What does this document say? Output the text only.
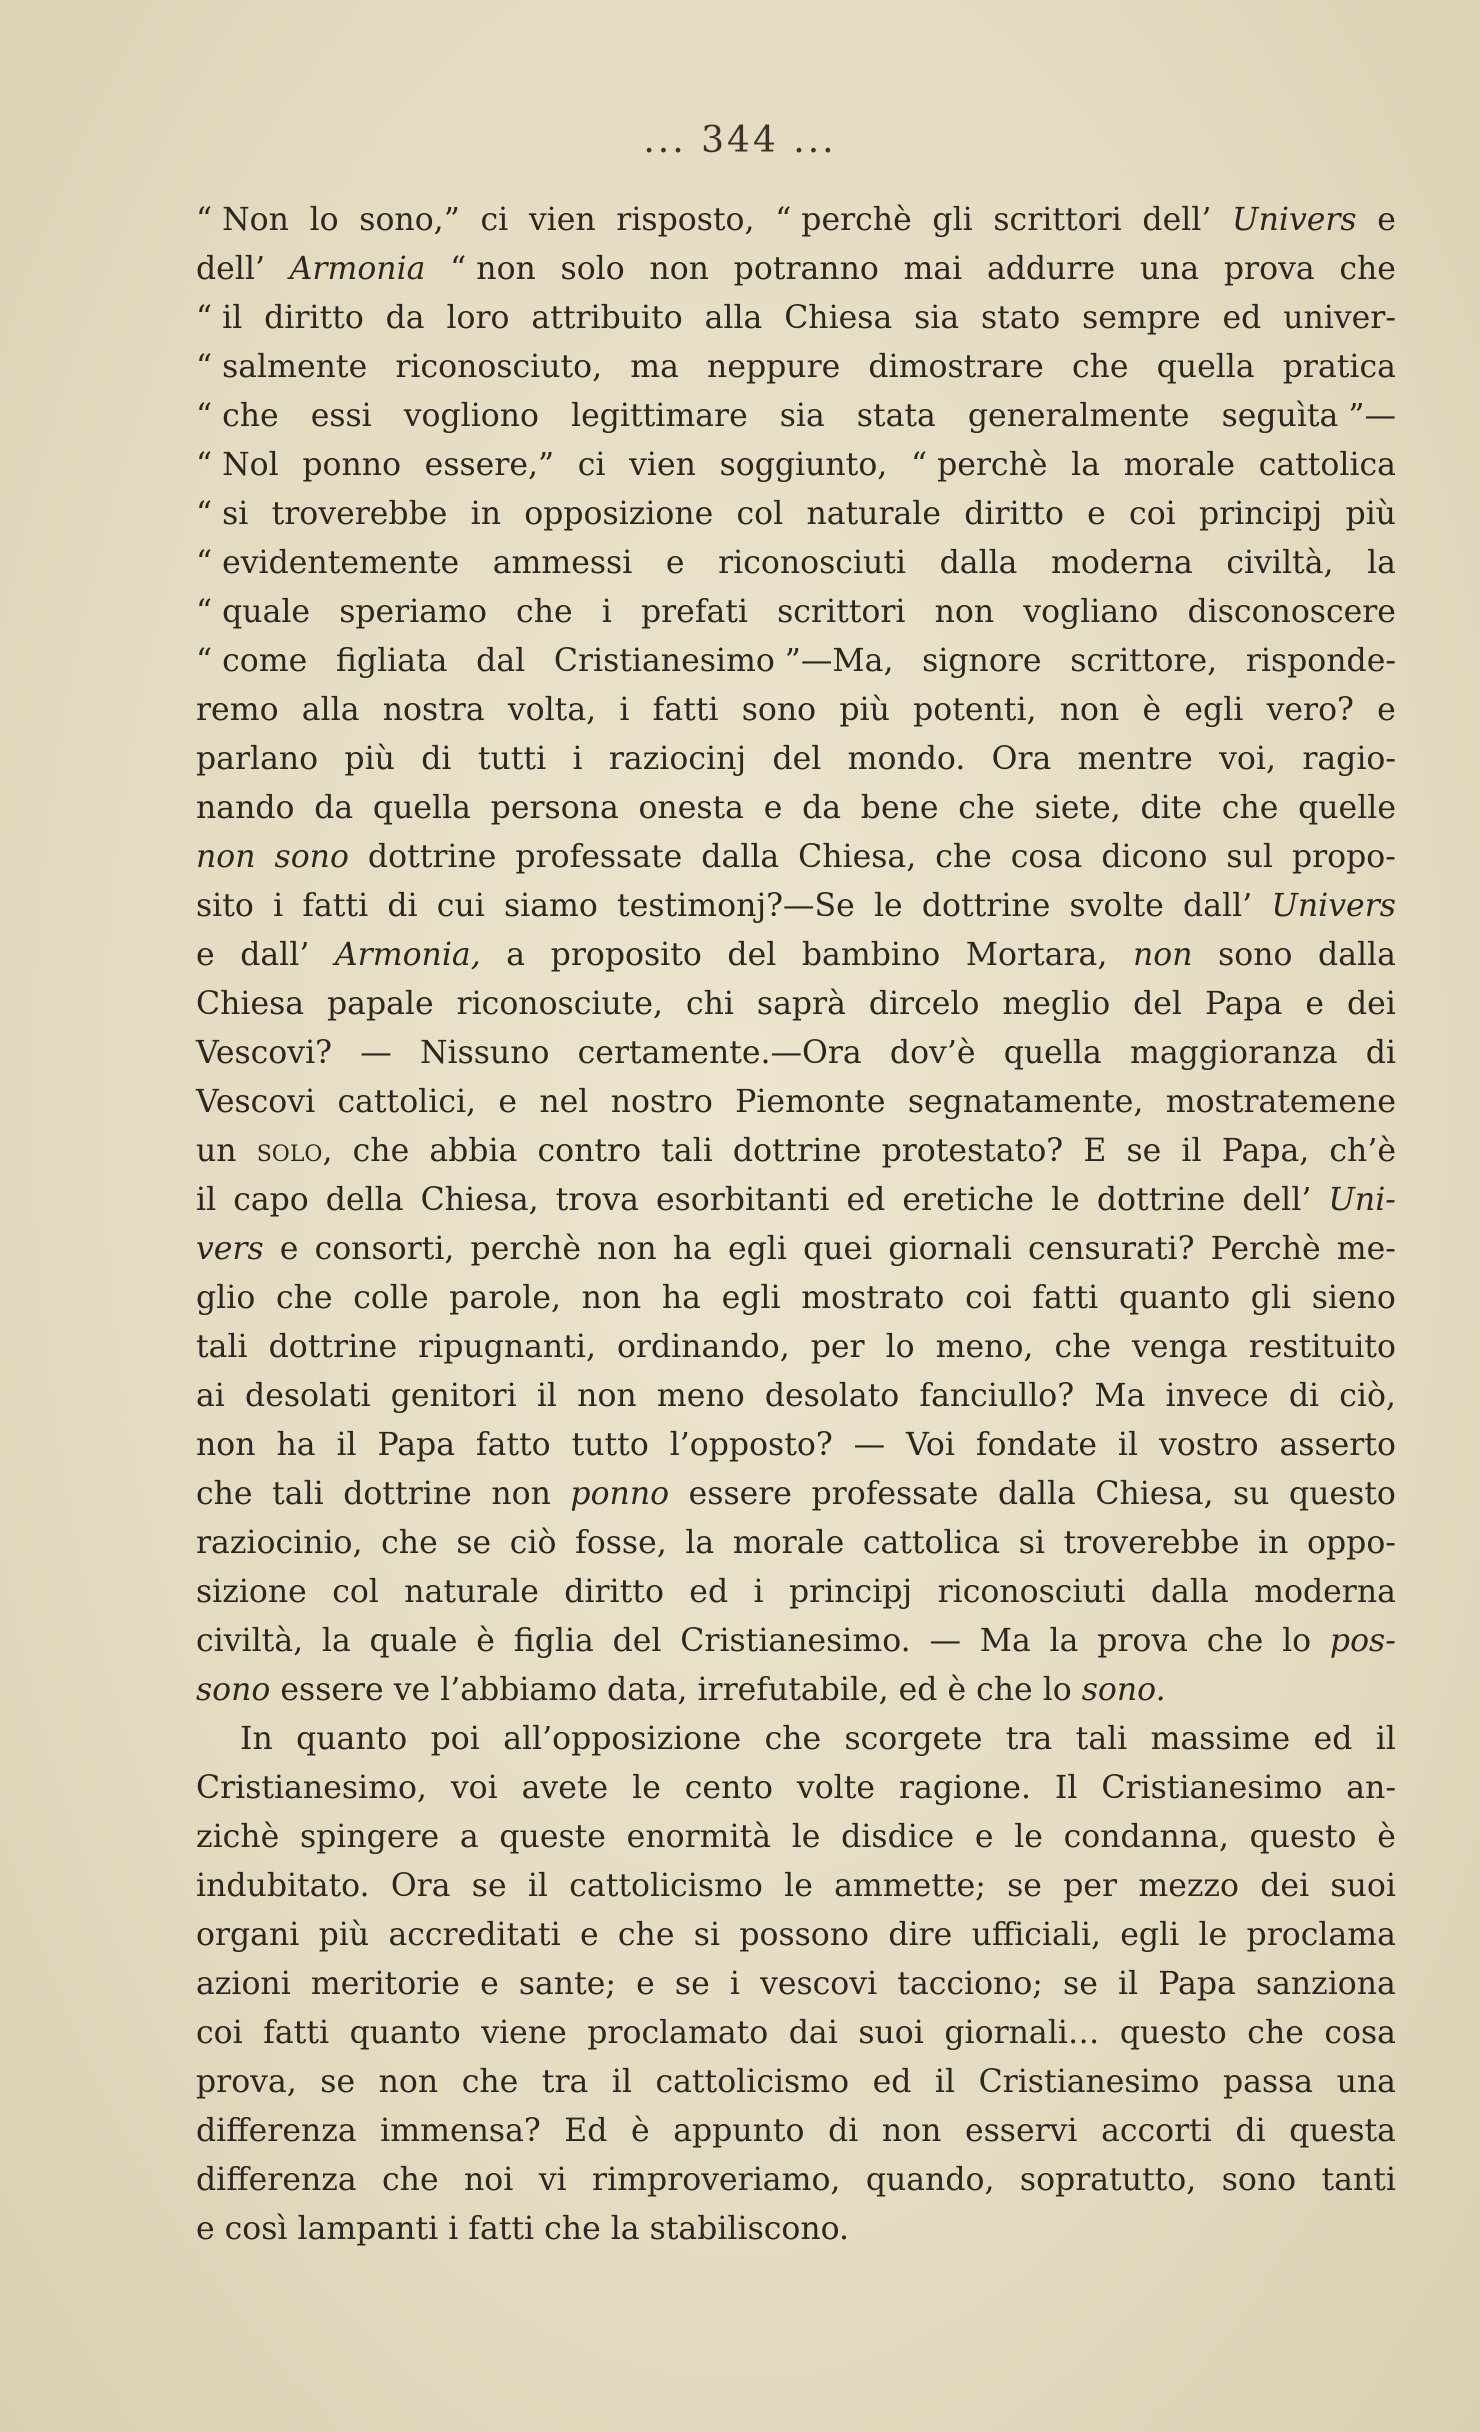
... 344 ...
“ Non lo sono,” ci vien risposto, “ perchè gli scrittori dell’ Univers e
dell’ Armonia “ non solo non potranno mai addurre una prova che
“ il diritto da loro attribuito alla Chiesa sia stato sempre ed univer-
“ salmente riconosciuto, ma neppure dimostrare che quella pratica
“ che essi vogliono legittimare sia stata generalmente seguìta ”—
“ Nol ponno essere,” ci vien soggiunto, “ perchè la morale cattolica
“ si troverebbe in opposizione col naturale diritto e coi principj più
“ evidentemente ammessi e riconosciuti dalla moderna civiltà, la
“ quale speriamo che i prefati scrittori non vogliano disconoscere
“ come figliata dal Cristianesimo ”—Ma, signore scrittore, risponde-
remo alla nostra volta, i fatti sono più potenti, non è egli vero? e
parlano più di tutti i raziocinj del mondo. Ora mentre voi, ragio-
nando da quella persona onesta e da bene che siete, dite che quelle
non sono dottrine professate dalla Chiesa, che cosa dicono sul propo-
sito i fatti di cui siamo testimonj?—Se le dottrine svolte dall’ Univers
e dall’ Armonia, a proposito del bambino Mortara, non sono dalla
Chiesa papale riconosciute, chi saprà dircelo meglio del Papa e dei
Vescovi? — Nissuno certamente.—Ora dov’è quella maggioranza di
Vescovi cattolici, e nel nostro Piemonte segnatamente, mostratemene
un solo, che abbia contro tali dottrine protestato? E se il Papa, ch’è
il capo della Chiesa, trova esorbitanti ed eretiche le dottrine dell’ Uni-
vers e consorti, perchè non ha egli quei giornali censurati? Perchè me-
glio che colle parole, non ha egli mostrato coi fatti quanto gli sieno
tali dottrine ripugnanti, ordinando, per lo meno, che venga restituito
ai desolati genitori il non meno desolato fanciullo? Ma invece di ciò,
non ha il Papa fatto tutto l’opposto? — Voi fondate il vostro asserto
che tali dottrine non ponno essere professate dalla Chiesa, su questo
raziocinio, che se ciò fosse, la morale cattolica si troverebbe in oppo-
sizione col naturale diritto ed i principj riconosciuti dalla moderna
civiltà, la quale è figlia del Cristianesimo. — Ma la prova che lo pos-
sono essere ve l’abbiamo data, irrefutabile, ed è che lo sono.
In quanto poi all’opposizione che scorgete tra tali massime ed il
Cristianesimo, voi avete le cento volte ragione. Il Cristianesimo an-
zichè spingere a queste enormità le disdice e le condanna, questo è
indubitato. Ora se il cattolicismo le ammette; se per mezzo dei suoi
organi più accreditati e che si possono dire ufficiali, egli le proclama
azioni meritorie e sante; e se i vescovi tacciono; se il Papa sanziona
coi fatti quanto viene proclamato dai suoi giornali… questo che cosa
prova, se non che tra il cattolicismo ed il Cristianesimo passa una
differenza immensa? Ed è appunto di non esservi accorti di questa
differenza che noi vi rimproveriamo, quando, sopratutto, sono tanti
e così lampanti i fatti che la stabiliscono.
